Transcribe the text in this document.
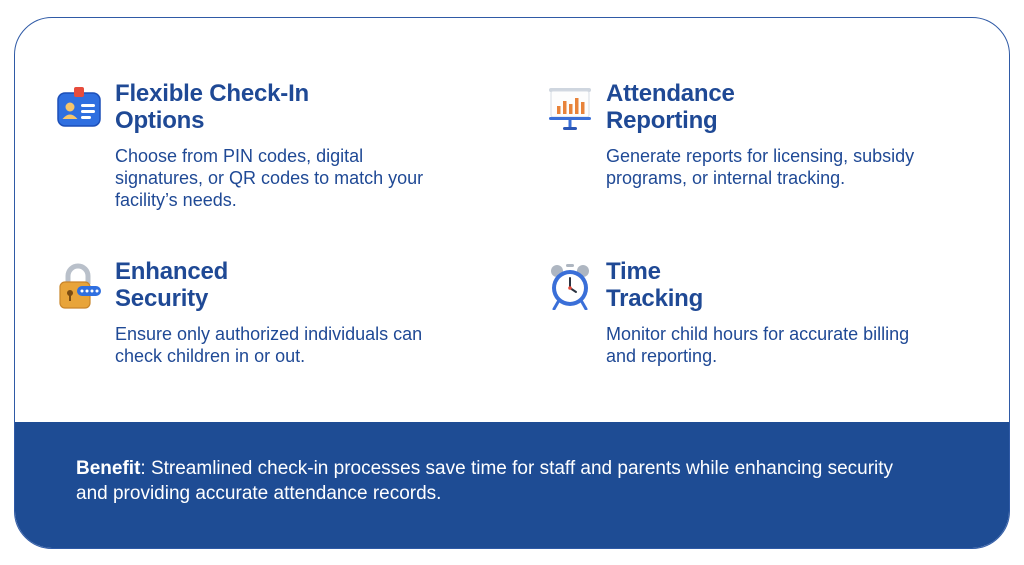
Flexible Check-In
Options

Choose from PIN codes, digital signatures, or QR codes to match your facility’s needs.

Attendance
Reporting

Generate reports for licensing, subsidy programs, or internal tracking.

Enhanced
Security

Ensure only authorized individuals can check children in or out.

Time
Tracking

Monitor child hours for accurate billing and reporting.

Benefit: Streamlined check-in processes save time for staff and parents while enhancing security and providing accurate attendance records.
